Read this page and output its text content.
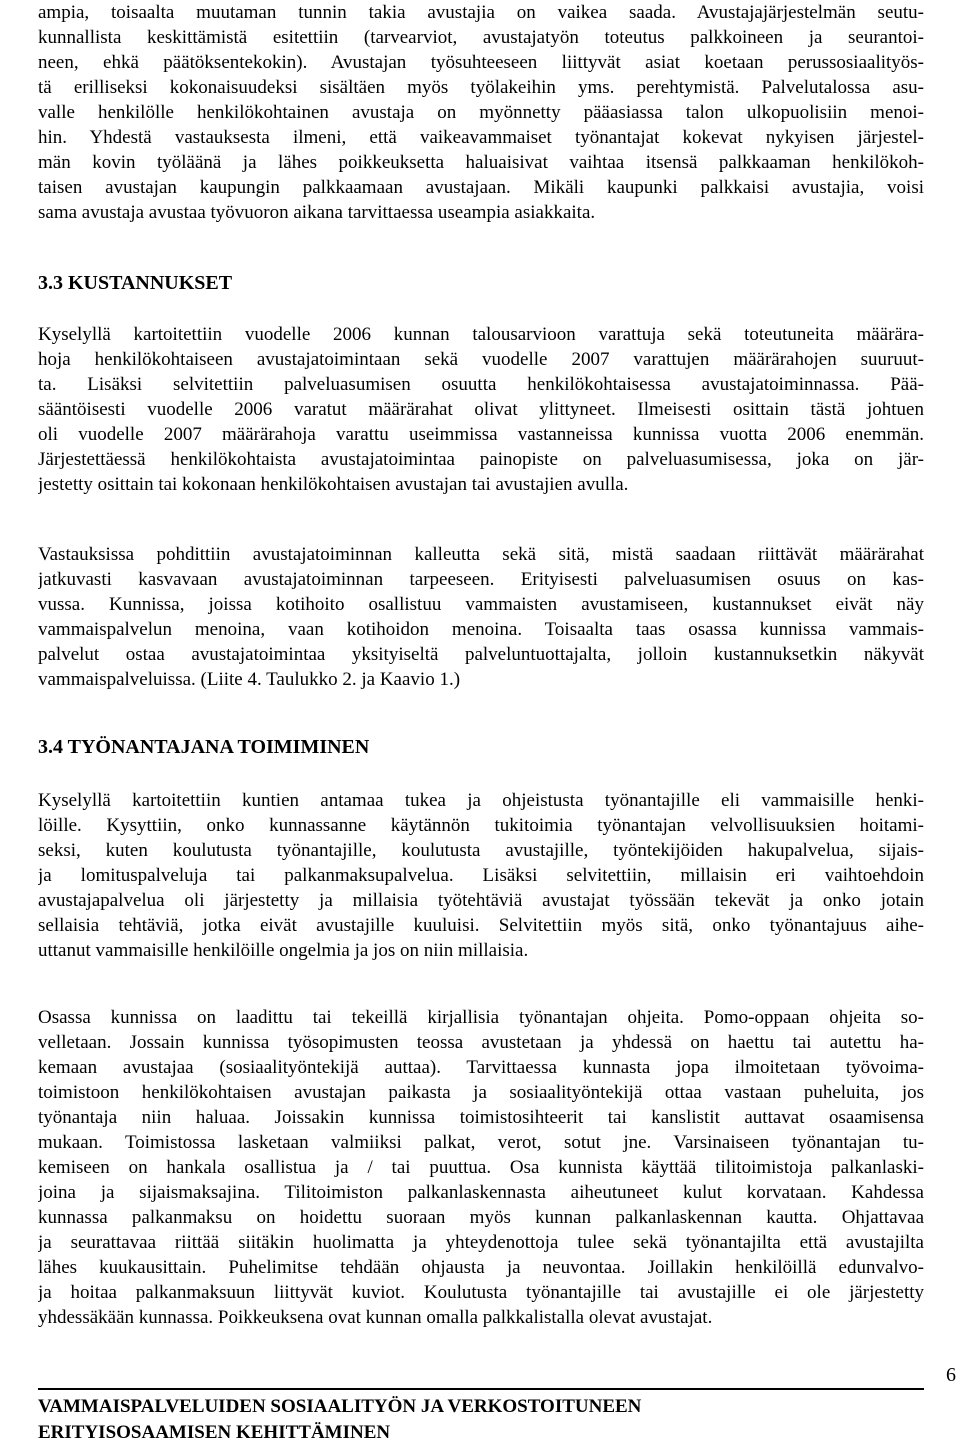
ampia, toisaalta muutaman tunnin takia avustajia on vaikea saada. Avustajajärjestelmän seutu-
kunnallista keskittämistä esitettiin (tarvearviot, avustajatyön toteutus palkkoineen ja seurantoi-
neen, ehkä päätöksentekokin). Avustajan työsuhteeseen liittyvät asiat koetaan perussosiaalityös-
tä erilliseksi kokonaisuudeksi sisältäen myös työlakeihin yms. perehtymistä. Palvelutalossa asu-
valle henkilölle henkilökohtainen avustaja on myönnetty pääasiassa talon ulkopuolisiin menoi-
hin. Yhdestä vastauksesta ilmeni, että vaikeavammaiset työnantajat kokevat nykyisen järjestel-
män kovin työläänä ja lähes poikkeuksetta haluaisivat vaihtaa itsensä palkkaaman henkilökoh-
taisen avustajan kaupungin palkkaamaan avustajaan. Mikäli kaupunki palkkaisi avustajia, voisi
sama avustaja avustaa työvuoron aikana tarvittaessa useampia asiakkaita.
3.3 KUSTANNUKSET
Kyselyllä kartoitettiin vuodelle 2006 kunnan talousarvioon varattuja sekä toteutuneita määrära-
hoja henkilökohtaiseen avustajatoimintaan sekä vuodelle 2007 varattujen määrärahojen suuruut-
ta. Lisäksi selvitettiin palveluasumisen osuutta henkilökohtaisessa avustajatoiminnassa. Pää-
sääntöisesti vuodelle 2006 varatut määrärahat olivat ylittyneet. Ilmeisesti osittain tästä johtuen
oli vuodelle 2007 määrärahoja varattu useimmissa vastanneissa kunnissa vuotta 2006 enemmän.
Järjestettäessä henkilökohtaista avustajatoimintaa painopiste on palveluasumisessa, joka on jär-
jestetty osittain tai kokonaan henkilökohtaisen avustajan tai avustajien avulla.
Vastauksissa pohdittiin avustajatoiminnan kalleutta sekä sitä, mistä saadaan riittävät määrärahat
jatkuvasti kasvavaan avustajatoiminnan tarpeeseen. Erityisesti palveluasumisen osuus on kas-
vussa. Kunnissa, joissa kotihoito osallistuu vammaisten avustamiseen, kustannukset eivät näy
vammaispalvelun menoina, vaan kotihoidon menoina. Toisaalta taas osassa kunnissa vammais-
palvelut ostaa avustajatoimintaa yksityiseltä palveluntuottajalta, jolloin kustannuksetkin näkyvät
vammaispalveluissa. (Liite 4. Taulukko 2. ja Kaavio 1.)
3.4 TYÖNANTAJANA TOIMIMINEN
Kyselyllä kartoitettiin kuntien antamaa tukea ja ohjeistusta työnantajille eli vammaisille henki-
löille. Kysyttiin, onko kunnassanne käytännön tukitoimia työnantajan velvollisuuksien hoitami-
seksi, kuten koulutusta työnantajille, koulutusta avustajille, työntekijöiden hakupalvelua, sijais-
ja lomituspalveluja tai palkanmaksupalvelua. Lisäksi selvitettiin, millaisin eri vaihtoehdoin
avustajapalvelua oli järjestetty ja millaisia työtehtäviä avustajat työssään tekevät ja onko jotain
sellaisia tehtäviä, jotka eivät avustajille kuuluisi. Selvitettiin myös sitä, onko työnantajuus aihe-
uttanut vammaisille henkilöille ongelmia ja jos on niin millaisia.
Osassa kunnissa on laadittu tai tekeillä kirjallisia työnantajan ohjeita. Pomo-oppaan ohjeita so-
velletaan. Jossain kunnissa työsopimusten teossa avustetaan ja yhdessä on haettu tai autettu ha-
kemaan avustajaa (sosiaalityöntekijä auttaa). Tarvittaessa kunnasta jopa ilmoitetaan työvoima-
toimistoon henkilökohtaisen avustajan paikasta ja sosiaalityöntekijä ottaa vastaan puheluita, jos
työnantaja niin haluaa. Joissakin kunnissa toimistosihteerit tai kanslistit auttavat osaamisensa
mukaan. Toimistossa lasketaan valmiiksi palkat, verot, sotut jne. Varsinaiseen työnantajan tu-
kemiseen on hankala osallistua ja / tai puuttua. Osa kunnista käyttää tilitoimistoja palkanlaski-
joina ja sijaismaksajina. Tilitoimiston palkanlaskennasta aiheutuneet kulut korvataan. Kahdessa
kunnassa palkanmaksu on hoidettu suoraan myös kunnan palkanlaskennan kautta. Ohjattavaa
ja seurattavaa riittää siitäkin huolimatta ja yhteydenottoja tulee sekä työnantajilta että avustajilta
lähes kuukausittain. Puhelimitse tehdään ohjausta ja neuvontaa. Joillakin henkilöillä edunvalvo-
ja hoitaa palkanmaksuun liittyvät kuviot. Koulutusta työnantajille tai avustajille ei ole järjestetty
yhdessäkään kunnassa. Poikkeuksena ovat kunnan omalla palkkalistalla olevat avustajat.
6
VAMMAISPALVELUIDEN SOSIAALITYÖN JA VERKOSTOITUNEEN
ERITYISOSAAMISEN KEHITTÄMINEN
